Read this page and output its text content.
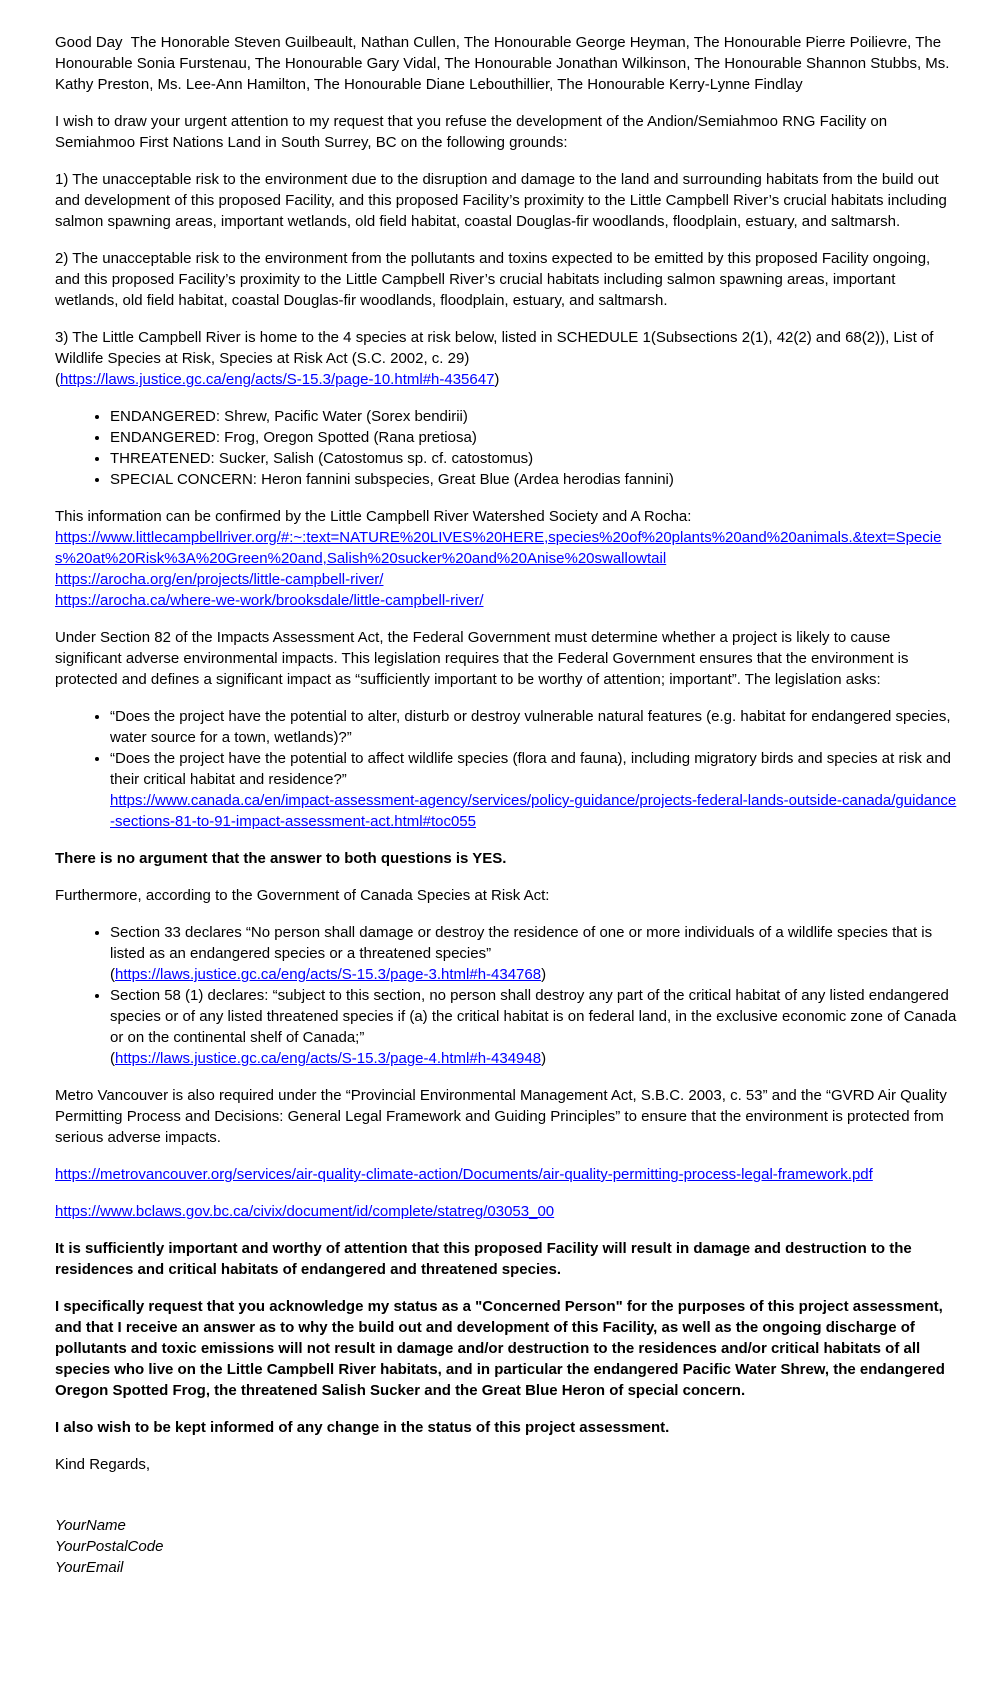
Good Day  The Honorable Steven Guilbeault, Nathan Cullen, The Honourable George Heyman, The Honourable Pierre Poilievre, The Honourable Sonia Furstenau, The Honourable Gary Vidal, The Honourable Jonathan Wilkinson, The Honourable Shannon Stubbs, Ms. Kathy Preston, Ms. Lee-Ann Hamilton, The Honourable Diane Lebouthillier, The Honourable Kerry-Lynne Findlay

I wish to draw your urgent attention to my request that you refuse the development of the Andion/Semiahmoo RNG Facility on Semiahmoo First Nations Land in South Surrey, BC on the following grounds:

1) The unacceptable risk to the environment due to the disruption and damage to the land and surrounding habitats from the build out and development of this proposed Facility, and this proposed Facility’s proximity to the Little Campbell River’s crucial habitats including salmon spawning areas, important wetlands, old field habitat, coastal Douglas-fir woodlands, floodplain, estuary, and saltmarsh.

2) The unacceptable risk to the environment from the pollutants and toxins expected to be emitted by this proposed Facility ongoing, and this proposed Facility’s proximity to the Little Campbell River’s crucial habitats including salmon spawning areas, important wetlands, old field habitat, coastal Douglas-fir woodlands, floodplain, estuary, and saltmarsh.

3) The Little Campbell River is home to the 4 species at risk below, listed in SCHEDULE 1(Subsections 2(1), 42(2) and 68(2)), List of Wildlife Species at Risk, Species at Risk Act (S.C. 2002, c. 29)
(https://laws.justice.gc.ca/eng/acts/S-15.3/page-10.html#h-435647)

• ENDANGERED: Shrew, Pacific Water (Sorex bendirii)
• ENDANGERED: Frog, Oregon Spotted (Rana pretiosa)
• THREATENED: Sucker, Salish (Catostomus sp. cf. catostomus)
• SPECIAL CONCERN: Heron fannini subspecies, Great Blue (Ardea herodias fannini)

This information can be confirmed by the Little Campbell River Watershed Society and A Rocha:
https://www.littlecampbellriver.org/#:~:text=NATURE%20LIVES%20HERE,species%20of%20plants%20and%20animals.&text=Species%20at%20Risk%3A%20Green%20and,Salish%20sucker%20and%20Anise%20swallowtail
https://arocha.org/en/projects/little-campbell-river/
https://arocha.ca/where-we-work/brooksdale/little-campbell-river/

Under Section 82 of the Impacts Assessment Act, the Federal Government must determine whether a project is likely to cause significant adverse environmental impacts. This legislation requires that the Federal Government ensures that the environment is protected and defines a significant impact as “sufficiently important to be worthy of attention; important”. The legislation asks:

• “Does the project have the potential to alter, disturb or destroy vulnerable natural features (e.g. habitat for endangered species, water source for a town, wetlands)?”
• “Does the project have the potential to affect wildlife species (flora and fauna), including migratory birds and species at risk and their critical habitat and residence?”
https://www.canada.ca/en/impact-assessment-agency/services/policy-guidance/projects-federal-lands-outside-canada/guidance-sections-81-to-91-impact-assessment-act.html#toc055

There is no argument that the answer to both questions is YES.

Furthermore, according to the Government of Canada Species at Risk Act:

• Section 33 declares “No person shall damage or destroy the residence of one or more individuals of a wildlife species that is listed as an endangered species or a threatened species”
(https://laws.justice.gc.ca/eng/acts/S-15.3/page-3.html#h-434768)
• Section 58 (1) declares: “subject to this section, no person shall destroy any part of the critical habitat of any listed endangered species or of any listed threatened species if (a) the critical habitat is on federal land, in the exclusive economic zone of Canada or on the continental shelf of Canada;”
(https://laws.justice.gc.ca/eng/acts/S-15.3/page-4.html#h-434948)

Metro Vancouver is also required under the “Provincial Environmental Management Act, S.B.C. 2003, c. 53” and the “GVRD Air Quality Permitting Process and Decisions: General Legal Framework and Guiding Principles” to ensure that the environment is protected from serious adverse impacts.

https://metrovancouver.org/services/air-quality-climate-action/Documents/air-quality-permitting-process-legal-framework.pdf

https://www.bclaws.gov.bc.ca/civix/document/id/complete/statreg/03053_00

It is sufficiently important and worthy of attention that this proposed Facility will result in damage and destruction to the residences and critical habitats of endangered and threatened species.

I specifically request that you acknowledge my status as a "Concerned Person" for the purposes of this project assessment, and that I receive an answer as to why the build out and development of this Facility, as well as the ongoing discharge of pollutants and toxic emissions will not result in damage and/or destruction to the residences and/or critical habitats of all species who live on the Little Campbell River habitats, and in particular the endangered Pacific Water Shrew, the endangered Oregon Spotted Frog, the threatened Salish Sucker and the Great Blue Heron of special concern.

I also wish to be kept informed of any change in the status of this project assessment.

Kind Regards,

YourName
YourPostalCode
YourEmail
